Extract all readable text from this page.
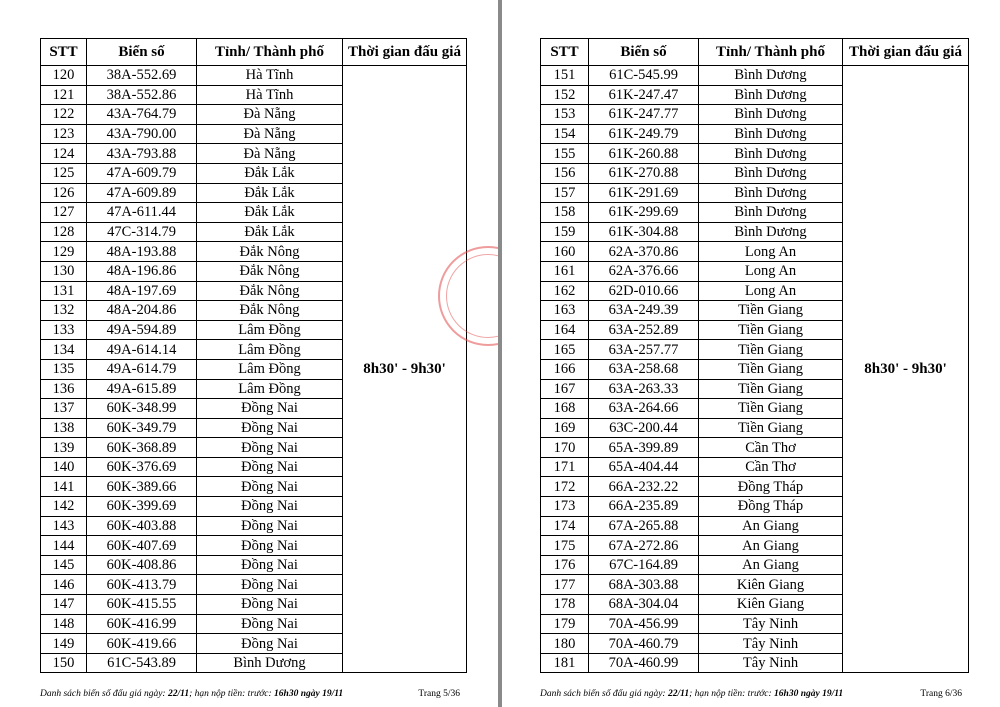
STT	Biển số	Tỉnh/ Thành phố	Thời gian đấu giá
120	38A-552.69	Hà Tĩnh	8h30' - 9h30'
121	38A-552.86	Hà Tĩnh	
122	43A-764.79	Đà Nẵng	
123	43A-790.00	Đà Nẵng	
124	43A-793.88	Đà Nẵng	
125	47A-609.79	Đắk Lắk	
126	47A-609.89	Đắk Lắk	
127	47A-611.44	Đắk Lắk	
128	47C-314.79	Đắk Lắk	
129	48A-193.88	Đắk Nông	
130	48A-196.86	Đắk Nông	
131	48A-197.69	Đắk Nông	
132	48A-204.86	Đắk Nông	
133	49A-594.89	Lâm Đồng	
134	49A-614.14	Lâm Đồng	
135	49A-614.79	Lâm Đồng	
136	49A-615.89	Lâm Đồng	
137	60K-348.99	Đồng Nai	
138	60K-349.79	Đồng Nai	
139	60K-368.89	Đồng Nai	
140	60K-376.69	Đồng Nai	
141	60K-389.66	Đồng Nai	
142	60K-399.69	Đồng Nai	
143	60K-403.88	Đồng Nai	
144	60K-407.69	Đồng Nai	
145	60K-408.86	Đồng Nai	
146	60K-413.79	Đồng Nai	
147	60K-415.55	Đồng Nai	
148	60K-416.99	Đồng Nai	
149	60K-419.66	Đồng Nai	
150	61C-543.89	Bình Dương	
Danh sách biển số đấu giá ngày: 22/11; hạn nộp tiền: trước: 16h30 ngày 19/11	Trang 5/36
STT	Biển số	Tỉnh/ Thành phố	Thời gian đấu giá
151	61C-545.99	Bình Dương	8h30' - 9h30'
152	61K-247.47	Bình Dương	
153	61K-247.77	Bình Dương	
154	61K-249.79	Bình Dương	
155	61K-260.88	Bình Dương	
156	61K-270.88	Bình Dương	
157	61K-291.69	Bình Dương	
158	61K-299.69	Bình Dương	
159	61K-304.88	Bình Dương	
160	62A-370.86	Long An	
161	62A-376.66	Long An	
162	62D-010.66	Long An	
163	63A-249.39	Tiền Giang	
164	63A-252.89	Tiền Giang	
165	63A-257.77	Tiền Giang	
166	63A-258.68	Tiền Giang	
167	63A-263.33	Tiền Giang	
168	63A-264.66	Tiền Giang	
169	63C-200.44	Tiền Giang	
170	65A-399.89	Cần Thơ	
171	65A-404.44	Cần Thơ	
172	66A-232.22	Đồng Tháp	
173	66A-235.89	Đồng Tháp	
174	67A-265.88	An Giang	
175	67A-272.86	An Giang	
176	67C-164.89	An Giang	
177	68A-303.88	Kiên Giang	
178	68A-304.04	Kiên Giang	
179	70A-456.99	Tây Ninh	
180	70A-460.79	Tây Ninh	
181	70A-460.99	Tây Ninh	
Danh sách biển số đấu giá ngày: 22/11; hạn nộp tiền: trước: 16h30 ngày 19/11	Trang 6/36
